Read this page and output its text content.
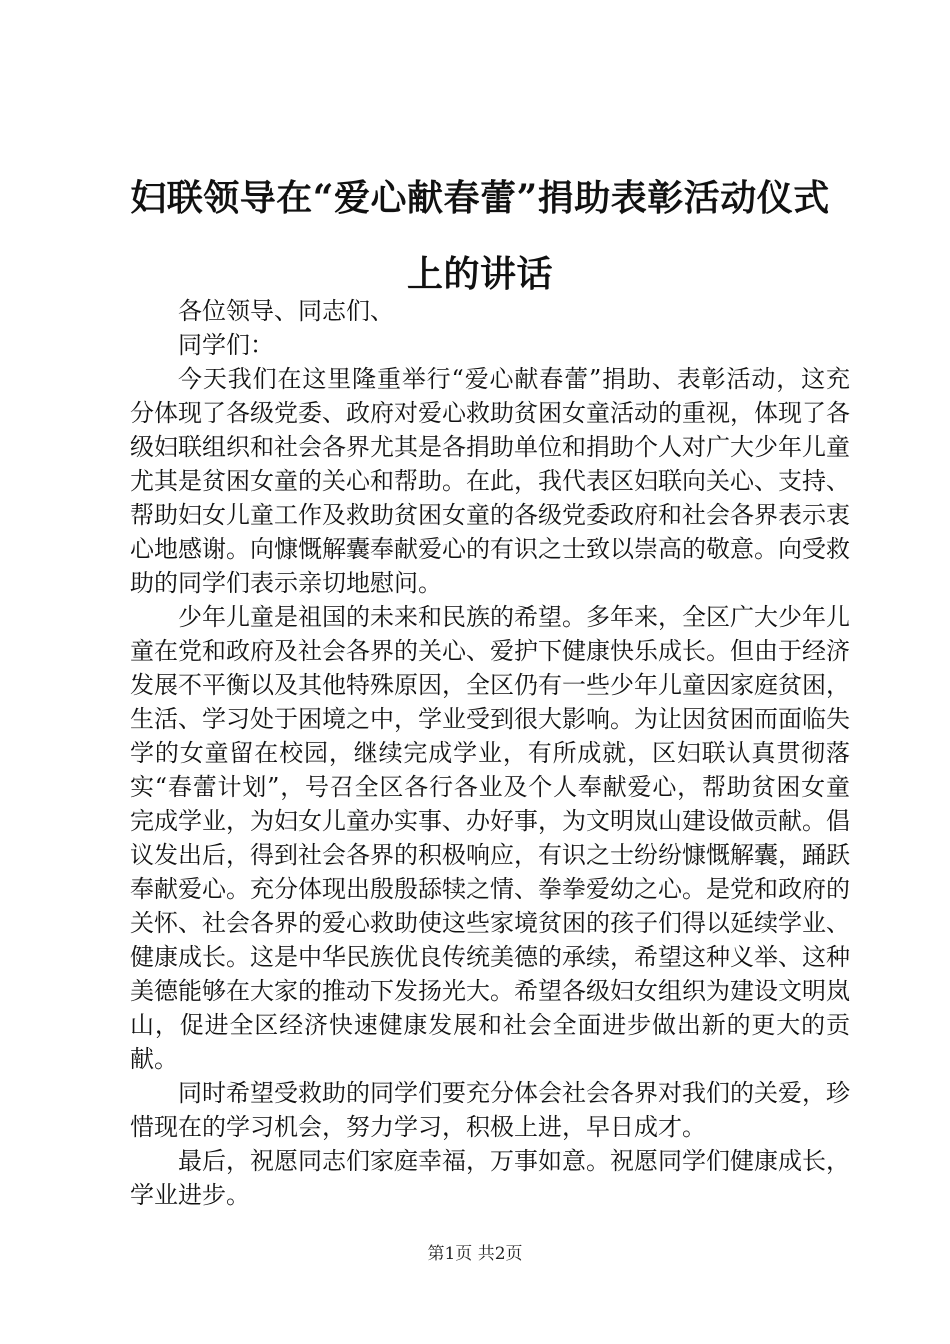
妇联领导在“爱心献春蕾”捐助表彰活动仪式上的讲话

各位领导、同志们、

同学们：

今天我们在这里隆重举行“爱心献春蕾”捐助、表彰活动，这充分体现了各级党委、政府对爱心救助贫困女童活动的重视，体现了各级妇联组织和社会各界尤其是各捐助单位和捐助个人对广大少年儿童尤其是贫困女童的关心和帮助。在此，我代表区妇联向关心、支持、帮助妇女儿童工作及救助贫困女童的各级党委政府和社会各界表示衷心地感谢。向慷慨解囊奉献爱心的有识之士致以崇高的敬意。向受救助的同学们表示亲切地慰问。

少年儿童是祖国的未来和民族的希望。多年来，全区广大少年儿童在党和政府及社会各界的关心、爱护下健康快乐成长。但由于经济发展不平衡以及其他特殊原因，全区仍有一些少年儿童因家庭贫困，生活、学习处于困境之中，学业受到很大影响。为让因贫困而面临失学的女童留在校园，继续完成学业，有所成就，区妇联认真贯彻落实“春蕾计划”，号召全区各行各业及个人奉献爱心，帮助贫困女童完成学业，为妇女儿童办实事、办好事，为文明岚山建设做贡献。倡议发出后，得到社会各界的积极响应，有识之士纷纷慷慨解囊，踊跃奉献爱心。充分体现出殷殷舔犊之情、拳拳爱幼之心。是党和政府的关怀、社会各界的爱心救助使这些家境贫困的孩子们得以延续学业、健康成长。这是中华民族优良传统美德的承续，希望这种义举、这种美德能够在大家的推动下发扬光大。希望各级妇女组织为建设文明岚山，促进全区经济快速健康发展和社会全面进步做出新的更大的贡献。

同时希望受救助的同学们要充分体会社会各界对我们的关爱，珍惜现在的学习机会，努力学习，积极上进，早日成才。

最后，祝愿同志们家庭幸福，万事如意。祝愿同学们健康成长，学业进步。

第1页 共2页
